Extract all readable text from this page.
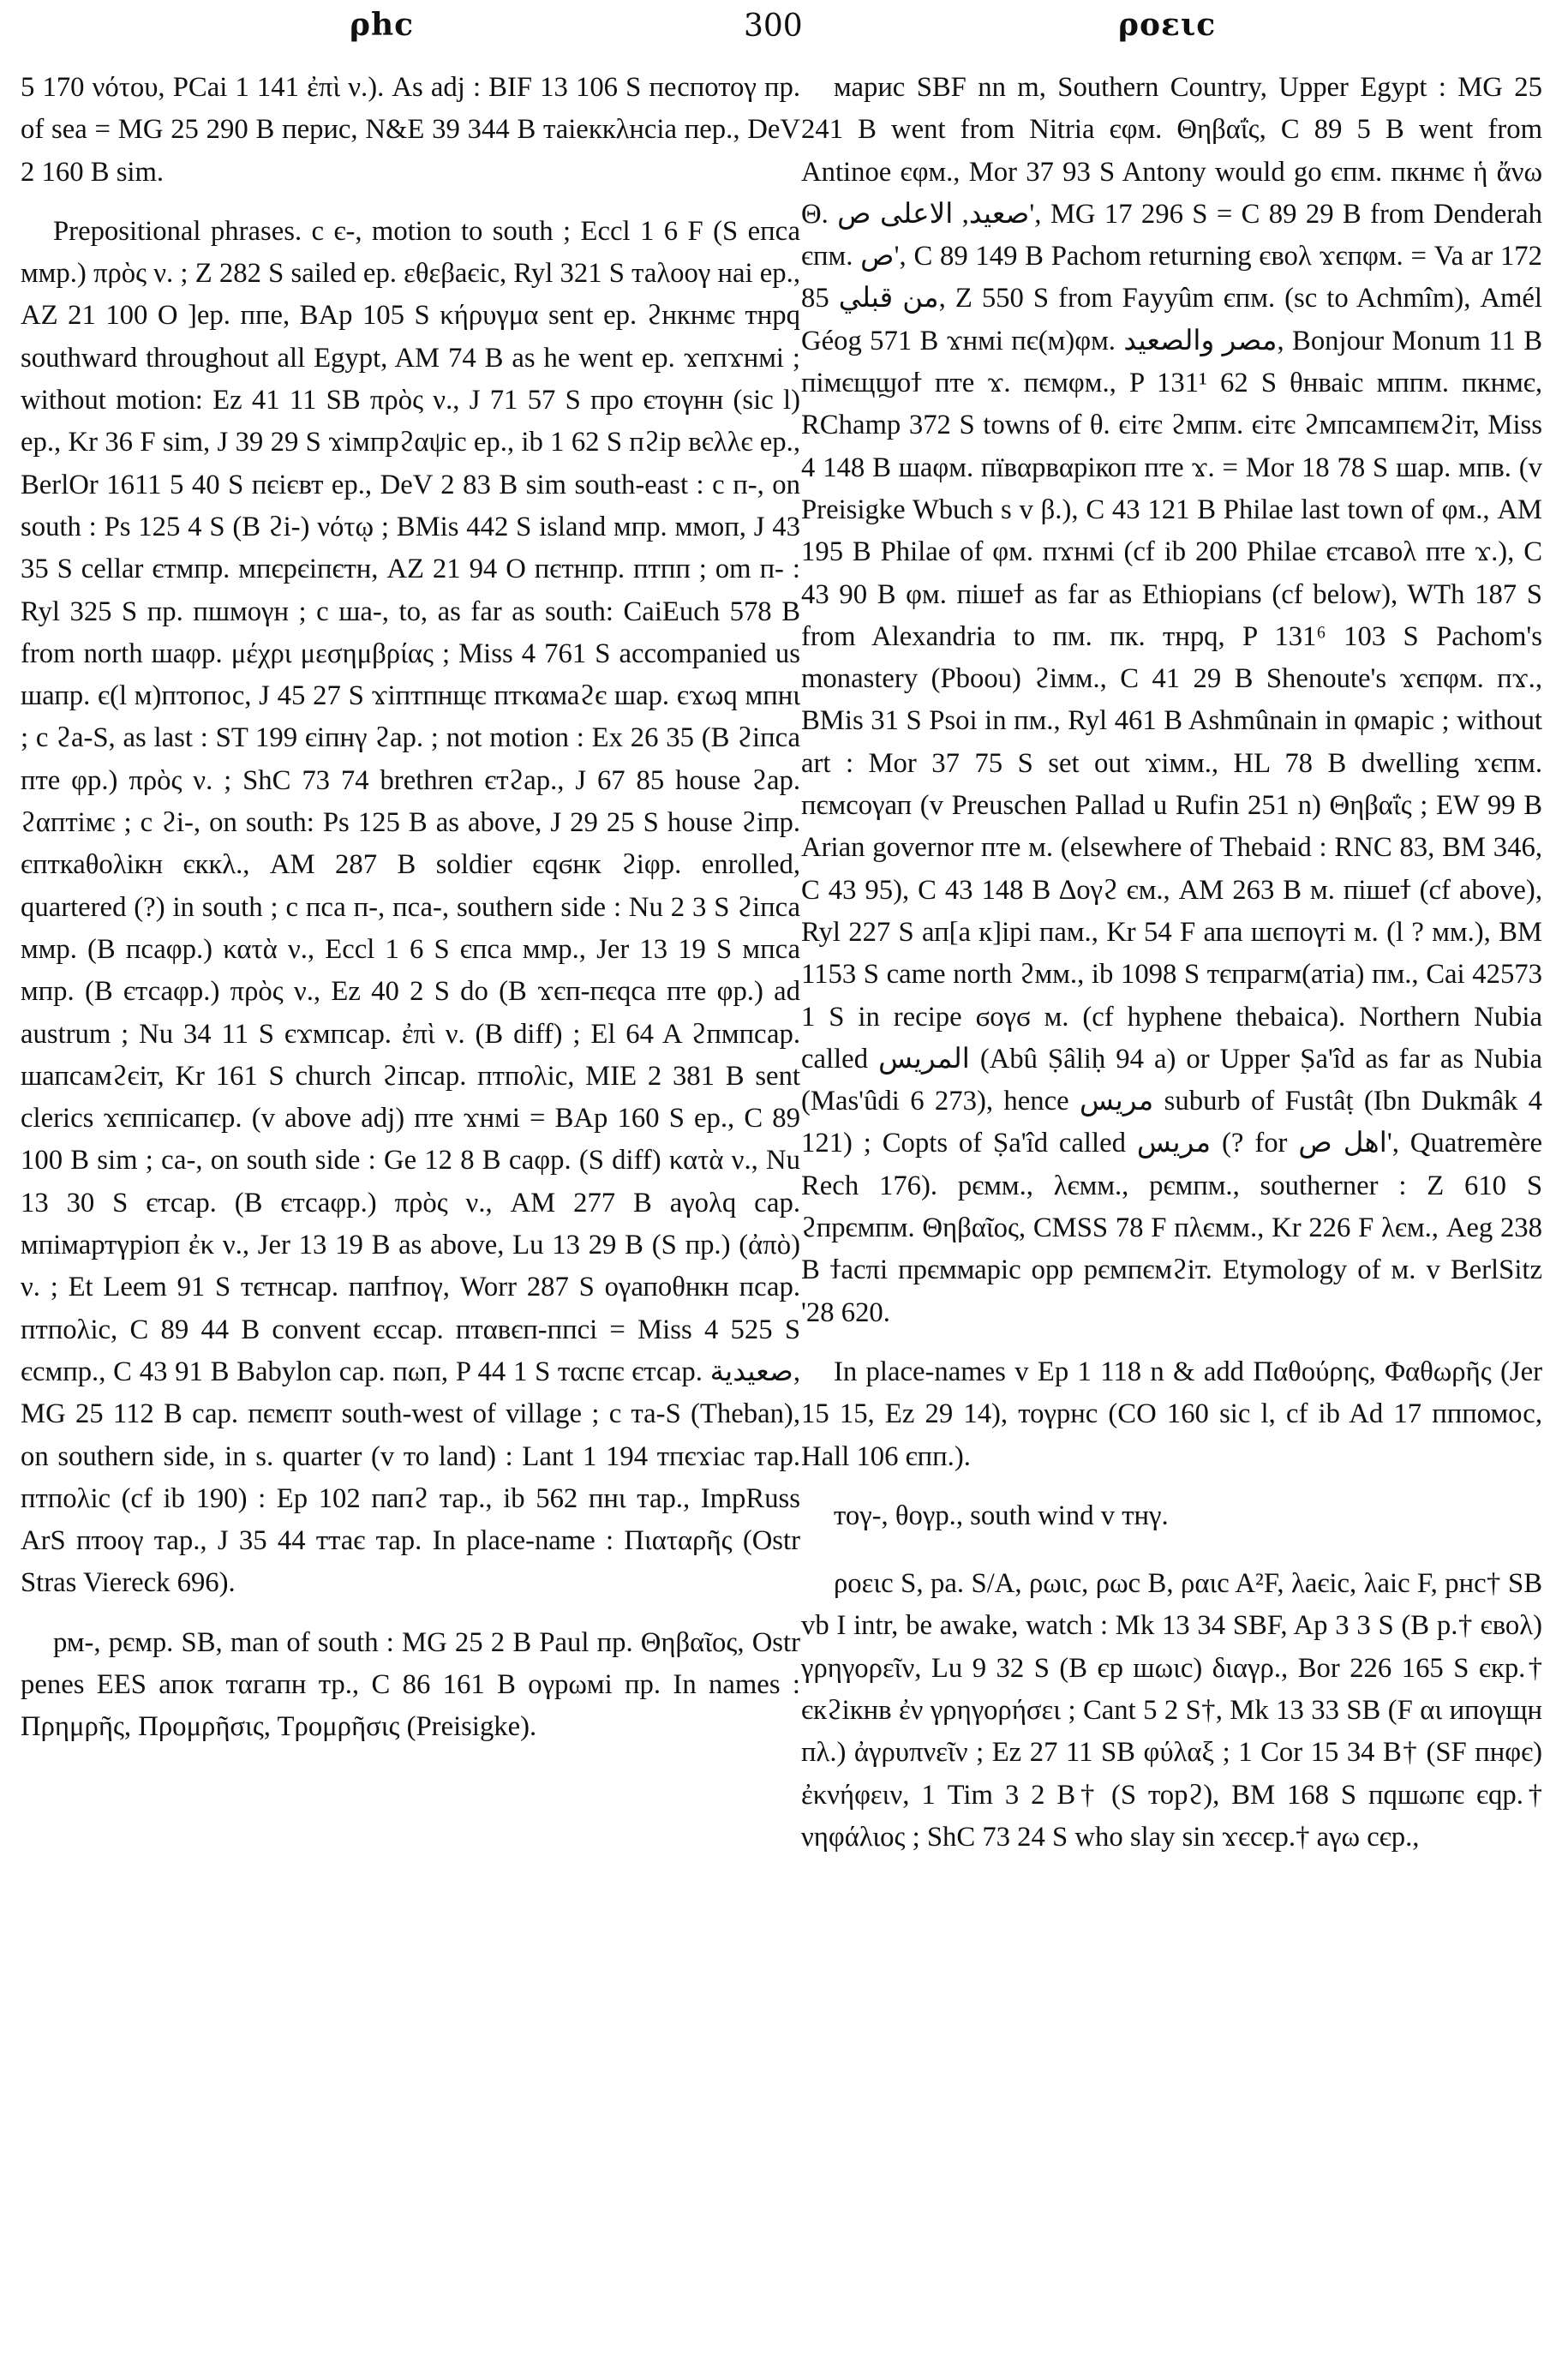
ρhc	300	ροειc

5 170 νότου, PCai 1 141 ἐπὶ ν.). As adj : BIF 13 106 S песпотоγ пр. of sea = MG 25 290 B перис, N&E 39 344 B таіеккλнсіа пер., DeV 2 160 B sim.

Prepositional phrases. c є-, motion to south ; Eccl 1 6 F (S епса ммр.) πρὸς ν. ; Z 282 S sailed ер. εθεβаєіс, Ryl 321 S таλooγ нaі ер., AZ 21 100 O ]ер. ппе, BAp 105 S κήρυγμα sent ер. ϩнкнмє тнрq southward throughout all Egypt, AM 74 B as he went ер. ϫепϫнмі ; without motion: Ez 41 11 SB πρὸς ν., J 71 57 S про єтоγнн (sic l) ер., Kr 36 F sim, J 39 29 S ϫімпрϩαψіс ер., ib 1 62 S пϩір вєλλє ер., BerlOr 1611 5 40 S пєієвт ер., DeV 2 83 B sim south-east : c п-, on south : Ps 125 4 S (B ϩі-) νότῳ ; BMis 442 S island мпр. ммоп, J 43 35 S cellar єтмпр. мпєрєіпєтн, AZ 21 94 O пєтнпр. птпп ; om п- : Ryl 325 S пр. пшмоγн ; c ша-, to, as far as south: CaiEuch 578 B from north шаφр. μέχρι μεσημβρίας ; Miss 4 761 S accompanied us шапр. є(l м)птопос, J 45 27 S ϫіптпнщє птκαмаϩє шар. єϫωq мпнι ; c ϩа-S, as last : ST 199 єіпнγ ϩар. ; not motion : Ex 26 35 (B ϩіпса пте φр.) πρὸς ν. ; ShC 73 74 brethren єтϩар., J 67 85 house ϩар. ϩαптімє ; c ϩі-, on south: Ps 125 B as above, J 29 25 S house ϩіпр. єпткаθоλікн єккλ., AM 287 B soldier єqϭнк ϩіφр. enrolled, quartered (?) in south ; c пса п-, пса-, southern side : Nu 2 3 S ϩіпса ммр. (B псаφр.) κατὰ ν., Eccl 1 6 S єпса ммр., Jer 13 19 S мпса мпр. (B єтсаφр.) πρὸς ν., Ez 40 2 S do (B ϫєп-пєqса пте φр.) ad austrum ; Nu 34 11 S єϫмпсар. ἐπὶ ν. (B diff) ; El 64 A ϩпмпсар. шапсамϩєіт, Kr 161 S church ϩіпсар. птпоλіс, MIE 2 381 B sent clerics ϫєппісапєр. (v above adj) пте ϫнмі = BAp 160 S ер., C 89 100 B sim ; са-, on south side : Ge 12 8 B саφр. (S diff) κατὰ ν., Nu 13 30 S єтсар. (B єтсаφр.) πρὸς ν., AM 277 B aγoλq сар. мпімартγріоп ἐκ ν., Jer 13 19 B as above, Lu 13 29 B (S пр.) (ἀπὸ) ν. ; Et Leem 91 S тєтнсар. папϯпоγ, Worr 287 S oγапоθнкн псар. птпоλіс, C 89 44 B convent єссар. птαвєп-ппсі = Miss 4 525 S єсмпр., C 43 91 B Babylon сар. пωп, P 44 1 S тαспє єтсар. صعيدية, MG 25 112 B сар. пємєпт south-west of village ; c та-S (Theban), on southern side, in s. quarter (v то land) : Lant 1 194 тпєϫіас тар. птпоλіс (cf ib 190) : Ep 102 папϩ тар., ib 562 пнι тар., ImpRuss ArS птооγ тар., J 35 44 ттає тар. In place-name : Πιαταρῆς (Ostr Stras Viereck 696).

рм-, рємр. SB, man of south : MG 25 2 B Paul пр. Θηβαῖος, Ostr penes EES апок тαгапн тр., C 86 161 B oγрωмі пр. In names : Πρημρῆς, Προμρῆσις, Τρομρῆσις (Preisigke).

марис SBF nn m, Southern Country, Upper Egypt : MG 25 241 B went from Nitria єφм. Θηβαΐς, C 89 5 B went from Antinoe єφм., Mor 37 93 S Antony would go єпм. пкнмє ἡ ἄνω Θ. صعيد, الاعلى ص', MG 17 296 S = C 89 29 B from Denderah єпм. ص', C 89 149 B Pachom returning євоλ ϫєпφм. = Va ar 172 85 من قبلي, Z 550 S from Fayyûm єпм. (sc to Achmîm), Amél Géog 571 B ϫнмі пє(м)φм. مصر والصعيد, Bonjour Monum 11 B пімєщϣоϯ пте ϫ. пємφм., P 131¹ 62 S θнваіс мппм. пкнмє, RChamp 372 S towns of θ. єітє ϩмпм. єітє ϩмпсампємϩіт, Miss 4 148 B шаφм. пївαрвαрікоп пте ϫ. = Mor 18 78 S шар. мпв. (v Preisigke Wbuch s v β.), C 43 121 B Philae last town of φм., AM 195 B Philae of φм. пϫнмі (cf ib 200 Philae єтсавоλ пте ϫ.), C 43 90 B φм. пішеϯ as far as Ethiopians (cf below), WTh 187 S from Alexandria to пм. пк. тнрq, P 131⁶ 103 S Pachom's monastery (Pboou) ϩімм., C 41 29 B Shenoute's ϫєпφм. пϫ., BMis 31 S Psoi in пм., Ryl 461 B Ashmûnain in φмаріс ; without art : Mor 37 75 S set out ϫімм., HL 78 B dwelling ϫєпм. пємсоγап (v Preuschen Pallad u Rufin 251 n) Θηβαΐς ; EW 99 B Arian governor пте м. (elsewhere of Thebaid : RNC 83, BM 346, C 43 95), C 43 148 B ∆oγϩ єм., AM 263 B м. пішеϯ (cf above), Ryl 227 S ап[а к]ірі пам., Kr 54 F апа шєпоγті м. (l ? мм.), BM 1153 S came north ϩмм., ib 1098 S тєпрагм(атіа) пм., Cai 42573 1 S in recipe ϭoγϭ м. (cf hyphene thebaica). Northern Nubia called المريس (Abû Ṣâliḥ 94 a) or Upper Ṣa'îd as far as Nubia (Mas'ûdi 6 273), hence مريس suburb of Fustâṭ (Ibn Dukmâk 4 121) ; Copts of Ṣa'îd called مريس (? for اهل ص', Quatremère Rech 176). рємм., λємм., рємпм., southerner : Z 610 S ϩпрємпм. Θηβαῖος, CMSS 78 F пλємм., Kr 226 F λєм., Aeg 238 B ϯасπі прєммаріс opp рємпємϩіт. Etymology of м. v BerlSitz '28 620.

In place-names v Ep 1 118 n & add Παθούρης, Φαθωρῆς (Jer 15 15, Ez 29 14), тоγрнс (CO 160 sic l, cf ib Ad 17 пппомос, Hall 106 єпп.).

тоγ-, θоγр., south wind v тнγ.

ροειc S, ра. S/A, ρωιc, ρωc B, ραιc A²F, λаєіс, λаіс F, рнс† SB vb I intr, be awake, watch : Mk 13 34 SBF, Ap 3 3 S (B р.† євоλ) γρηγορεῖν, Lu 9 32 S (B єр шωιс) διαγρ., Bor 226 165 S єкр.† єкϩікнв ἐν γρηγορήσει ; Cant 5 2 S†, Mk 13 33 SB (F αι ипоγщн пλ.) ἀγρυπνεῖν ; Ez 27 11 SB φύλαξ ; 1 Cor 15 34 B† (SF пнφє) ἐκνήφειν, 1 Tim 3 2 B† (S торϩ), BM 168 S пqшωпє єqр.† νηφάλιος ; ShC 73 24 S who slay sin ϫєсєр.† аγω сєр.,
